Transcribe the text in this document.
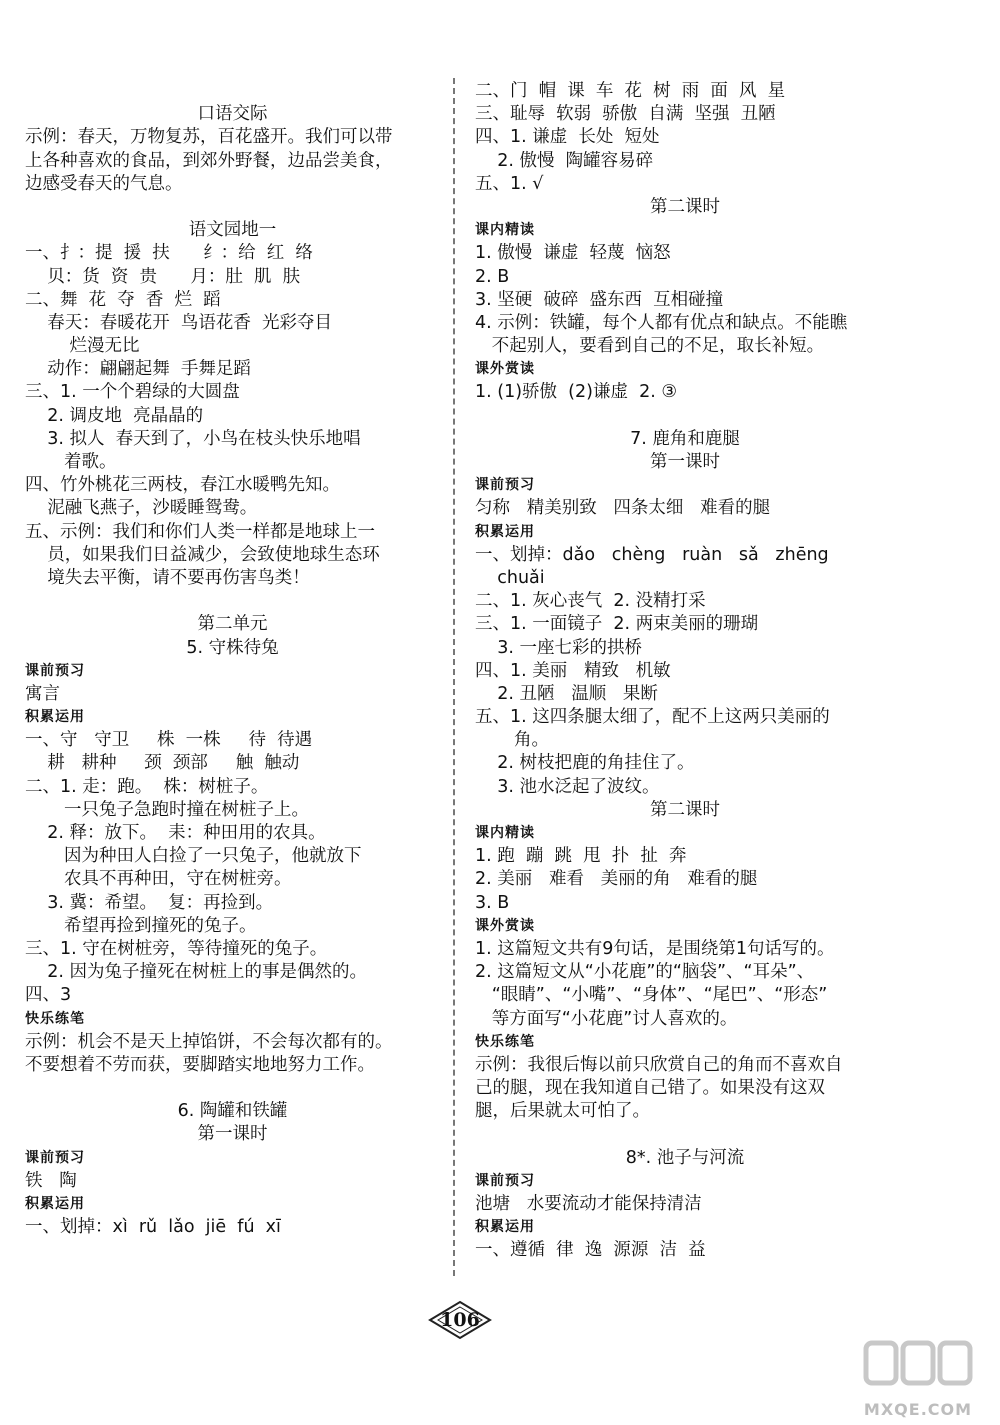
口语交际
示例：春天，万物复苏，百花盛开。我们可以带
上各种喜欢的食品，到郊外野餐，边品尝美食，
边感受春天的气息。
语文园地一
一、扌：提  援  扶      纟：给  红  络
贝：货  资  贵      月：肚  肌  肤
二、舞  花  夺  香  烂  蹈
春天：春暖花开  鸟语花香  光彩夺目
烂漫无比
动作：翩翩起舞  手舞足蹈
三、1. 一个个碧绿的大圆盘
2. 调皮地  亮晶晶的
3. 拟人  春天到了，小鸟在枝头快乐地唱
着歌。
四、竹外桃花三两枝，春江水暖鸭先知。
泥融飞燕子，沙暖睡鸳鸯。
五、示例：我们和你们人类一样都是地球上一
员，如果我们日益减少，会致使地球生态环
境失去平衡，请不要再伤害鸟类！
第二单元
5. 守株待兔
课前预习
寓言
积累运用
一、守   守卫     株  一株     待  待遇
耕   耕种     颈  颈部     触  触动
二、1. 走：跑。  株：树桩子。
一只兔子急跑时撞在树桩子上。
2. 释：放下。  耒：种田用的农具。
因为种田人白捡了一只兔子，他就放下
农具不再种田，守在树桩旁。
3. 冀：希望。  复：再捡到。
希望再捡到撞死的兔子。
三、1. 守在树桩旁，等待撞死的兔子。
2. 因为兔子撞死在树桩上的事是偶然的。
四、3
快乐练笔
示例：机会不是天上掉馅饼，不会每次都有的。
不要想着不劳而获，要脚踏实地地努力工作。
6. 陶罐和铁罐
第一课时
课前预习
铁   陶
积累运用
一、划掉：xì  rǔ  lǎo  jiē  fú  xī
二、门  帽  课  车  花  树  雨  面  风  星
三、耻辱  软弱  骄傲  自满  坚强  丑陋
四、1. 谦虚  长处  短处
2. 傲慢  陶罐容易碎
五、1. √
第二课时
课内精读
1. 傲慢  谦虚  轻蔑  恼怒
2. B
3. 坚硬  破碎  盛东西  互相碰撞
4. 示例：铁罐，每个人都有优点和缺点。不能瞧
不起别人，要看到自己的不足，取长补短。
课外赏读
1. (1)骄傲  (2)谦虚  2. ③
7. 鹿角和鹿腿
第一课时
课前预习
匀称   精美别致   四条太细   难看的腿
积累运用
一、划掉：dǎo   chèng   ruàn   sǎ   zhēng
chuǎi
二、1. 灰心丧气  2. 没精打采
三、1. 一面镜子  2. 两束美丽的珊瑚
3. 一座七彩的拱桥
四、1. 美丽   精致   机敏
2. 丑陋   温顺   果断
五、1. 这四条腿太细了，配不上这两只美丽的
角。
2. 树枝把鹿的角挂住了。
3. 池水泛起了波纹。
第二课时
课内精读
1. 跑  蹦  跳  甩  扑  扯  奔
2. 美丽   难看   美丽的角   难看的腿
3. B
课外赏读
1. 这篇短文共有9句话，是围绕第1句话写的。
2. 这篇短文从“小花鹿”的“脑袋”、“耳朵”、
“眼睛”、“小嘴”、“身体”、“尾巴”、“形态”
等方面写“小花鹿”讨人喜欢的。
快乐练笔
示例：我很后悔以前只欣赏自己的角而不喜欢自
己的腿，现在我知道自己错了。如果没有这双
腿，后果就太可怕了。
8*. 池子与河流
课前预习
池塘   水要流动才能保持清洁
积累运用
一、遵循  律  逸  源源  洁  益
106
MXQE.COM
